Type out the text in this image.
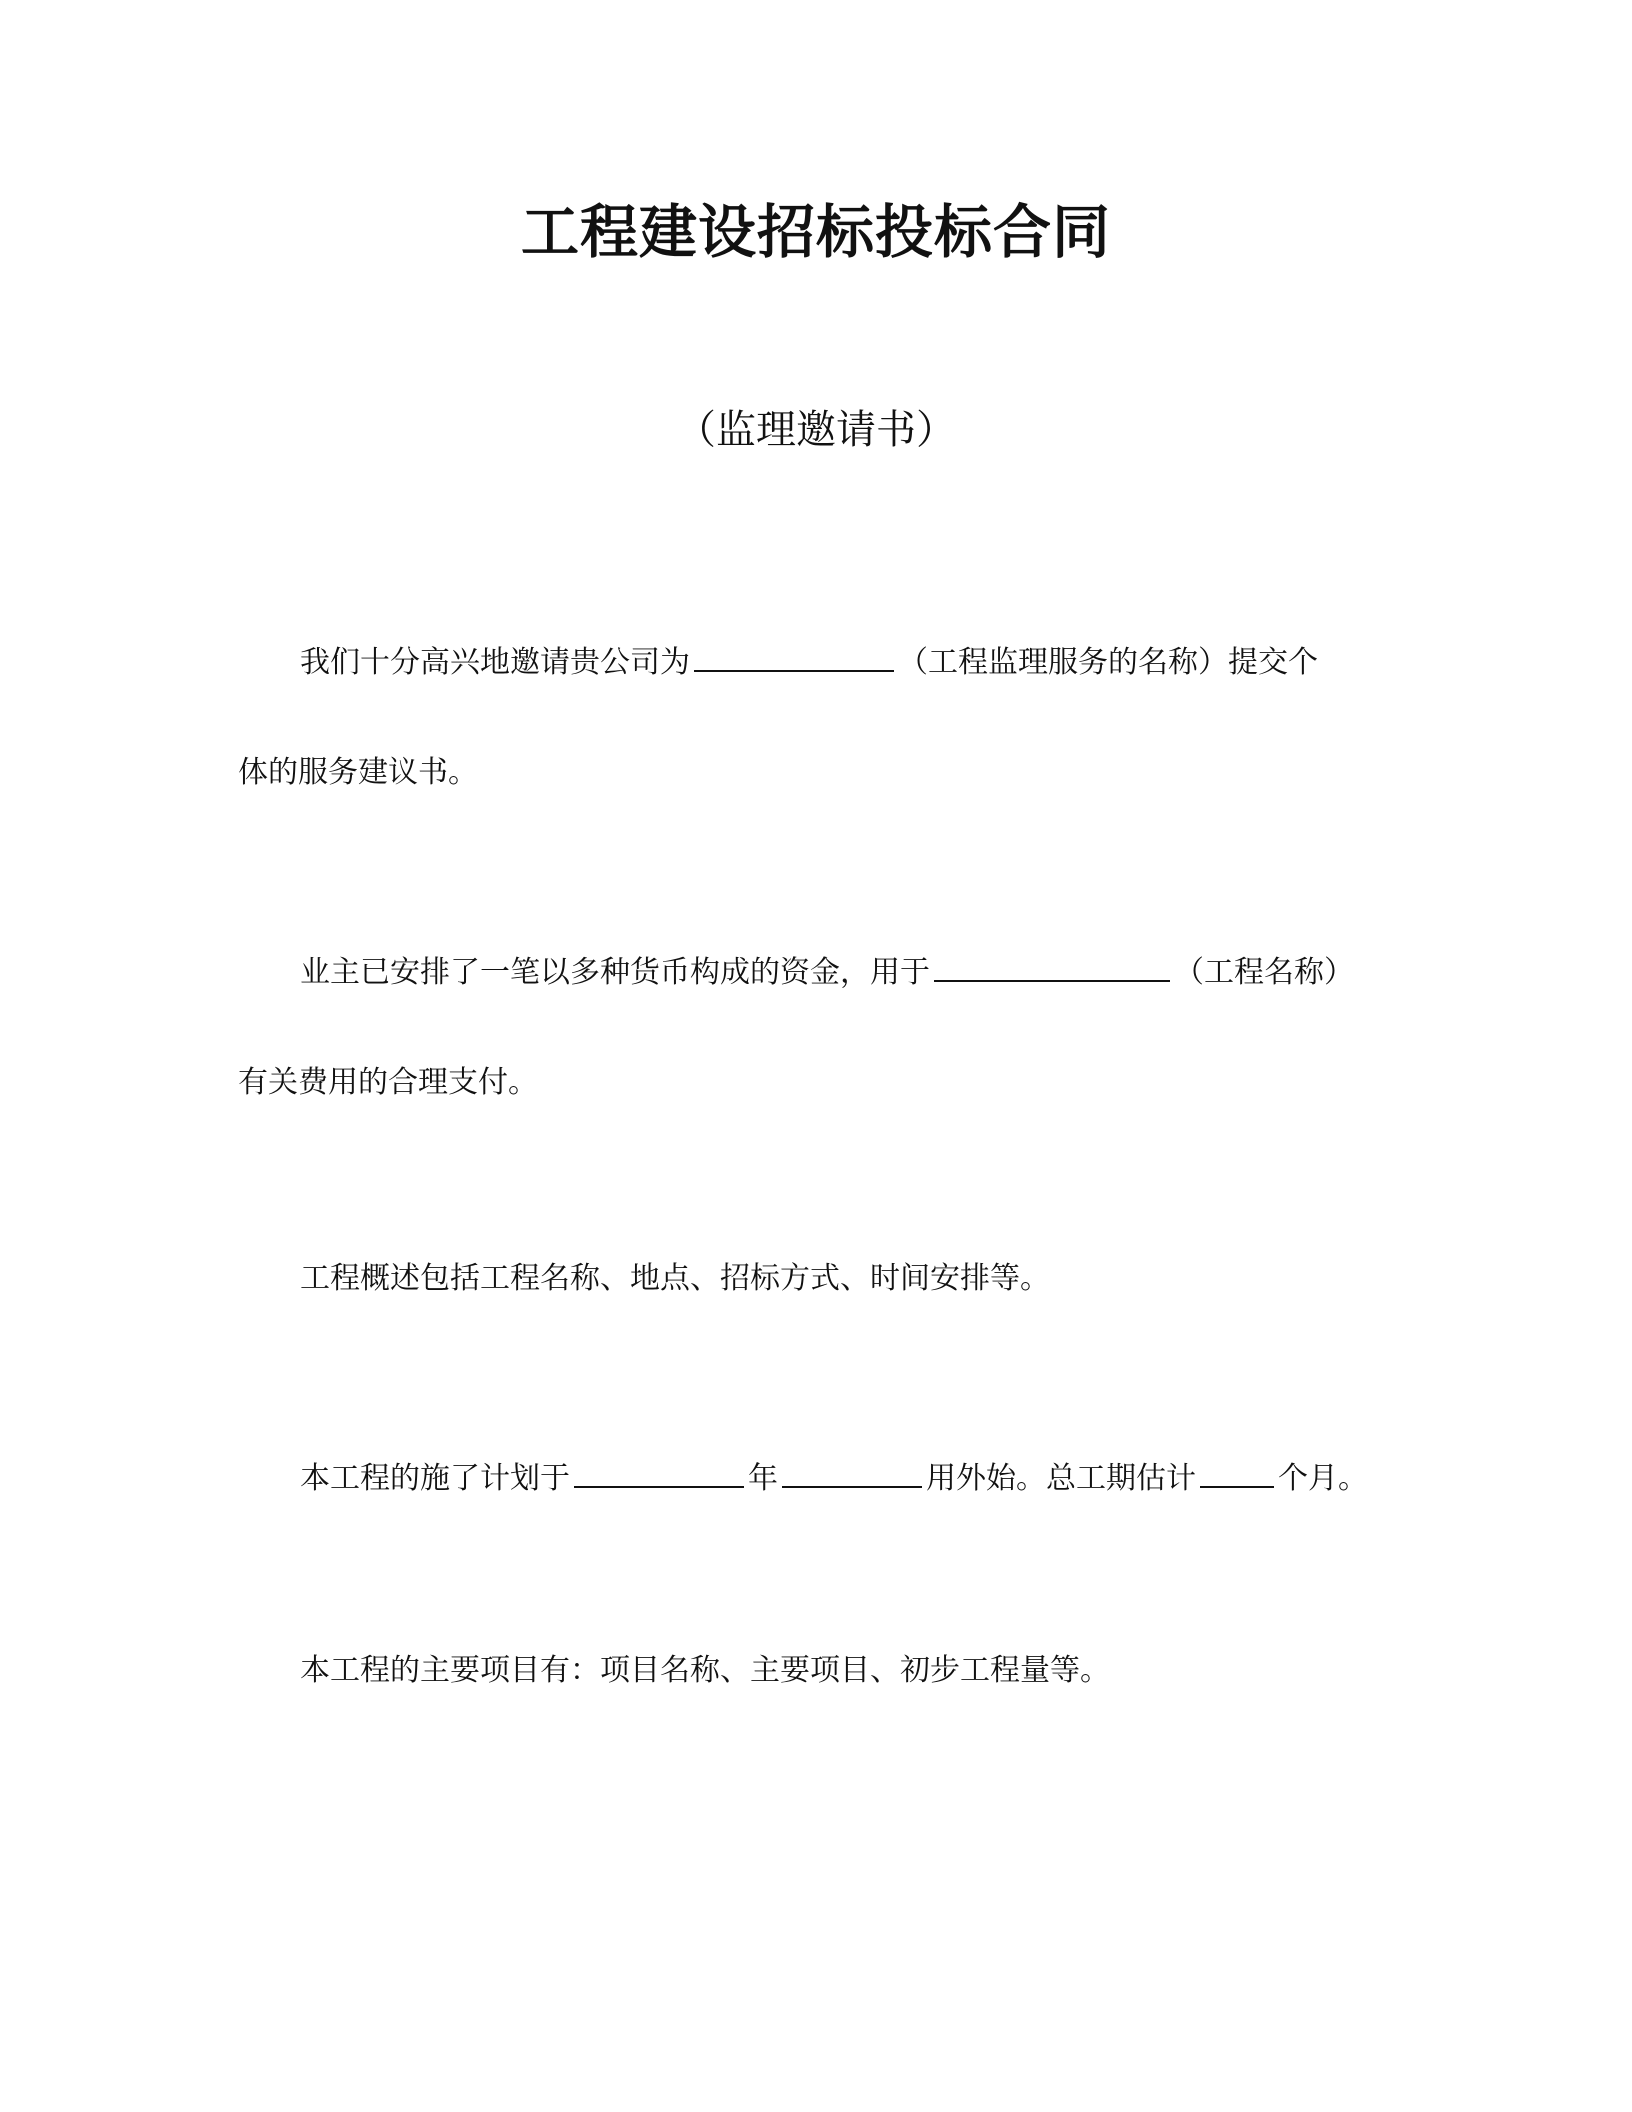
工程建设招标投标合同
（监理邀请书）
我们十分高兴地邀请贵公司为	（工程监理服务的名称）提交个
体的服务建议书。
业主已安排了一笔以多种货币构成的资金，用于	（工程名称）
有关费用的合理支付。
工程概述包括工程名称、地点、招标方式、时间安排等。
本工程的施了计划于	年	用外始。总工期估计	个月。
本工程的主要项目有：项目名称、主要项目、初步工程量等。
